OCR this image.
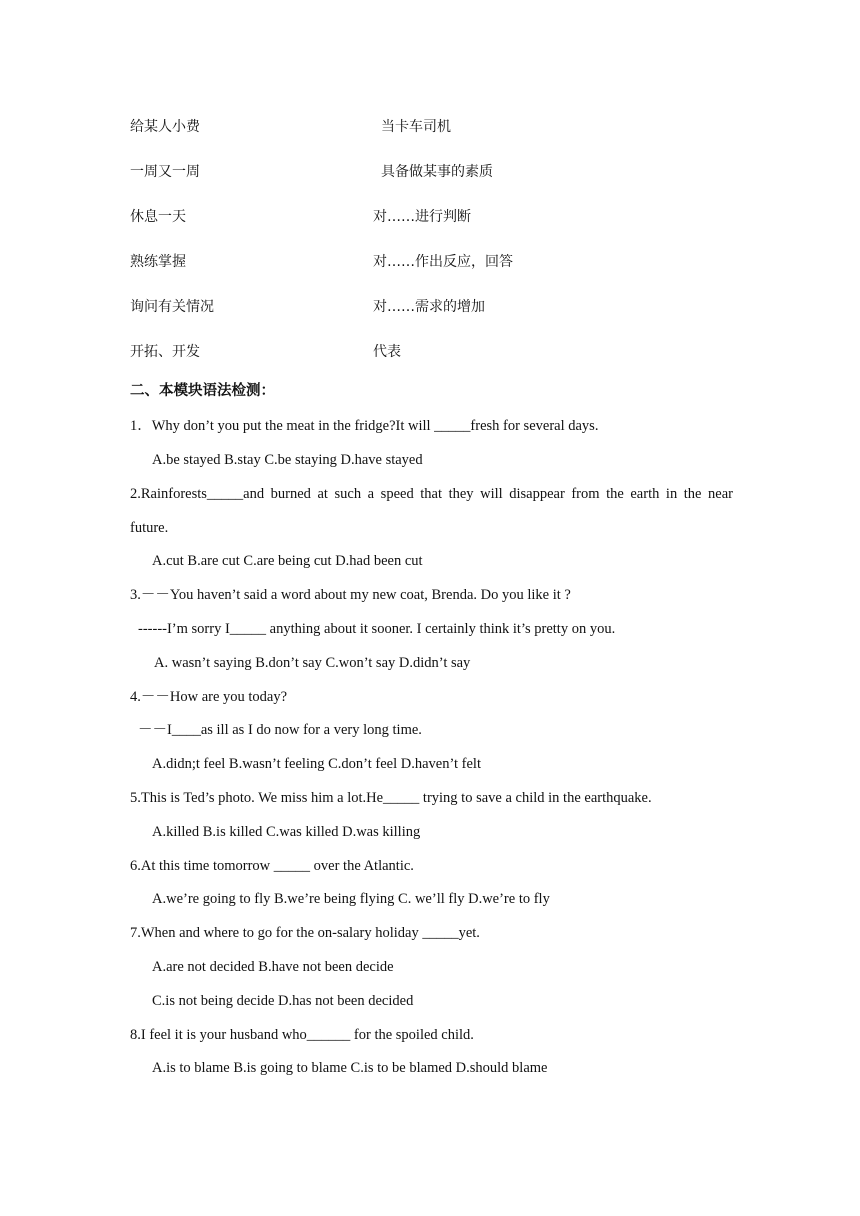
给某人小费	当卡车司机
一周又一周	具备做某事的素质
休息一天	对……进行判断
熟练掌握	对……作出反应，回答
询问有关情况	对……需求的增加
开拓、开发	代表
二、本模块语法检测：
1．Why don’t you put the meat in the fridge?It will _____fresh for several days.
A.be stayed B.stay C.be staying D.have stayed
2.Rainforests_____and burned at such a speed that they will disappear from the earth in the near
future.
A.cut B.are cut C.are being cut D.had been cut
3.－－You haven’t said a word about my new coat, Brenda. Do you like it ?
------I’m sorry I_____ anything about it sooner. I certainly think it’s pretty on you.
A. wasn’t saying B.don’t say C.won’t say D.didn’t say
4.－－How are you today?
－－I____as ill as I do now for a very long time.
A.didn;t feel B.wasn’t feeling C.don’t feel D.haven’t felt
5.This is Ted’s photo. We miss him a lot.He_____ trying to save a child in the earthquake.
A.killed B.is killed C.was killed D.was killing
6.At this time tomorrow _____ over the Atlantic.
A.we’re going to fly B.we’re being flying C. we’ll fly D.we’re to fly
7.When and where to go for the on-salary holiday _____yet.
A.are not decided B.have not been decide
C.is not being decide D.has not been decided
8.I feel it is your husband who______ for the spoiled child.
A.is to blame B.is going to blame C.is to be blamed D.should blame
